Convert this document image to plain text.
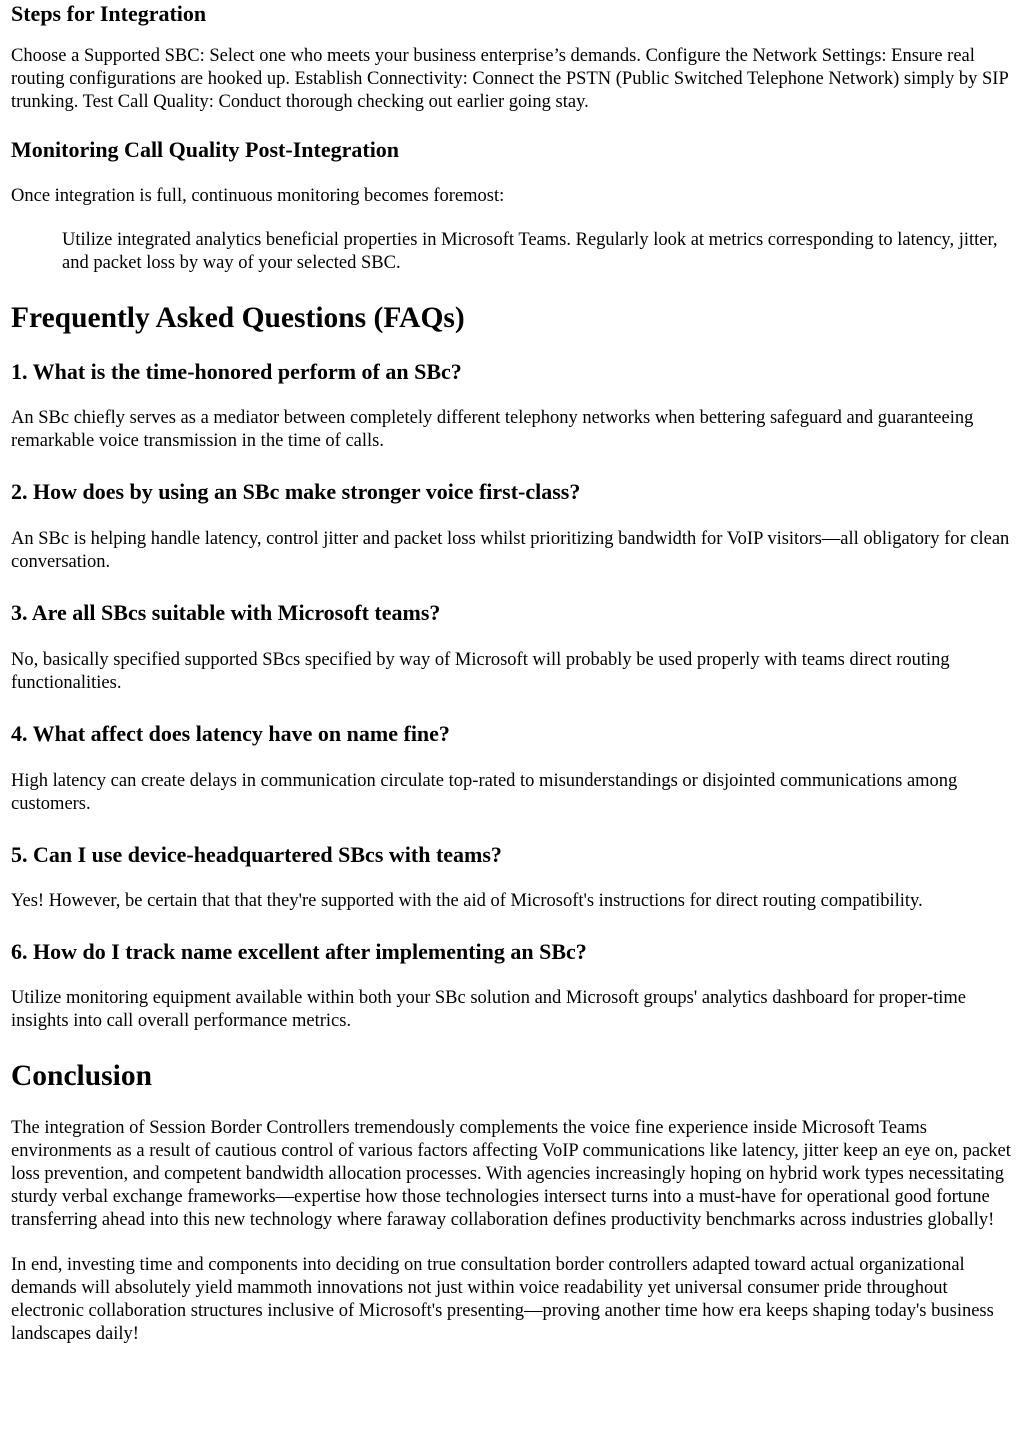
Steps for Integration

Choose a Supported SBC: Select one who meets your business enterprise’s demands. Configure the Network Settings: Ensure real routing configurations are hooked up. Establish Connectivity: Connect the PSTN (Public Switched Telephone Network) simply by SIP trunking. Test Call Quality: Conduct thorough checking out earlier going stay.

Monitoring Call Quality Post-Integration

Once integration is full, continuous monitoring becomes foremost:

Utilize integrated analytics beneficial properties in Microsoft Teams. Regularly look at metrics corresponding to latency, jitter, and packet loss by way of your selected SBC.
Frequently Asked Questions (FAQs)
1. What is the time-honored perform of an SBc?

An SBc chiefly serves as a mediator between completely different telephony networks when bettering safeguard and guaranteeing remarkable voice transmission in the time of calls.

2. How does by using an SBc make stronger voice first-class?

An SBc is helping handle latency, control jitter and packet loss whilst prioritizing bandwidth for VoIP visitors—all obligatory for clean conversation.

3. Are all SBcs suitable with Microsoft teams?

No, basically specified supported SBcs specified by way of Microsoft will probably be used properly with teams direct routing functionalities.

4. What affect does latency have on name fine?

High latency can create delays in communication circulate top-rated to misunderstandings or disjointed communications among customers.

5. Can I use device-headquartered SBcs with teams?

Yes! However, be certain that that they're supported with the aid of Microsoft's instructions for direct routing compatibility.

6. How do I track name excellent after implementing an SBc?

Utilize monitoring equipment available within both your SBc solution and Microsoft groups' analytics dashboard for proper-time insights into call overall performance metrics.

Conclusion

The integration of Session Border Controllers tremendously complements the voice fine experience inside Microsoft Teams environments as a result of cautious control of various factors affecting VoIP communications like latency, jitter keep an eye on, packet loss prevention, and competent bandwidth allocation processes. With agencies increasingly hoping on hybrid work types necessitating sturdy verbal exchange frameworks—expertise how those technologies intersect turns into a must-have for operational good fortune transferring ahead into this new technology where faraway collaboration defines productivity benchmarks across industries globally!

In end, investing time and components into deciding on true consultation border controllers adapted toward actual organizational demands will absolutely yield mammoth innovations not just within voice readability yet universal consumer pride throughout electronic collaboration structures inclusive of Microsoft's presenting—proving another time how era keeps shaping today's business landscapes daily!
